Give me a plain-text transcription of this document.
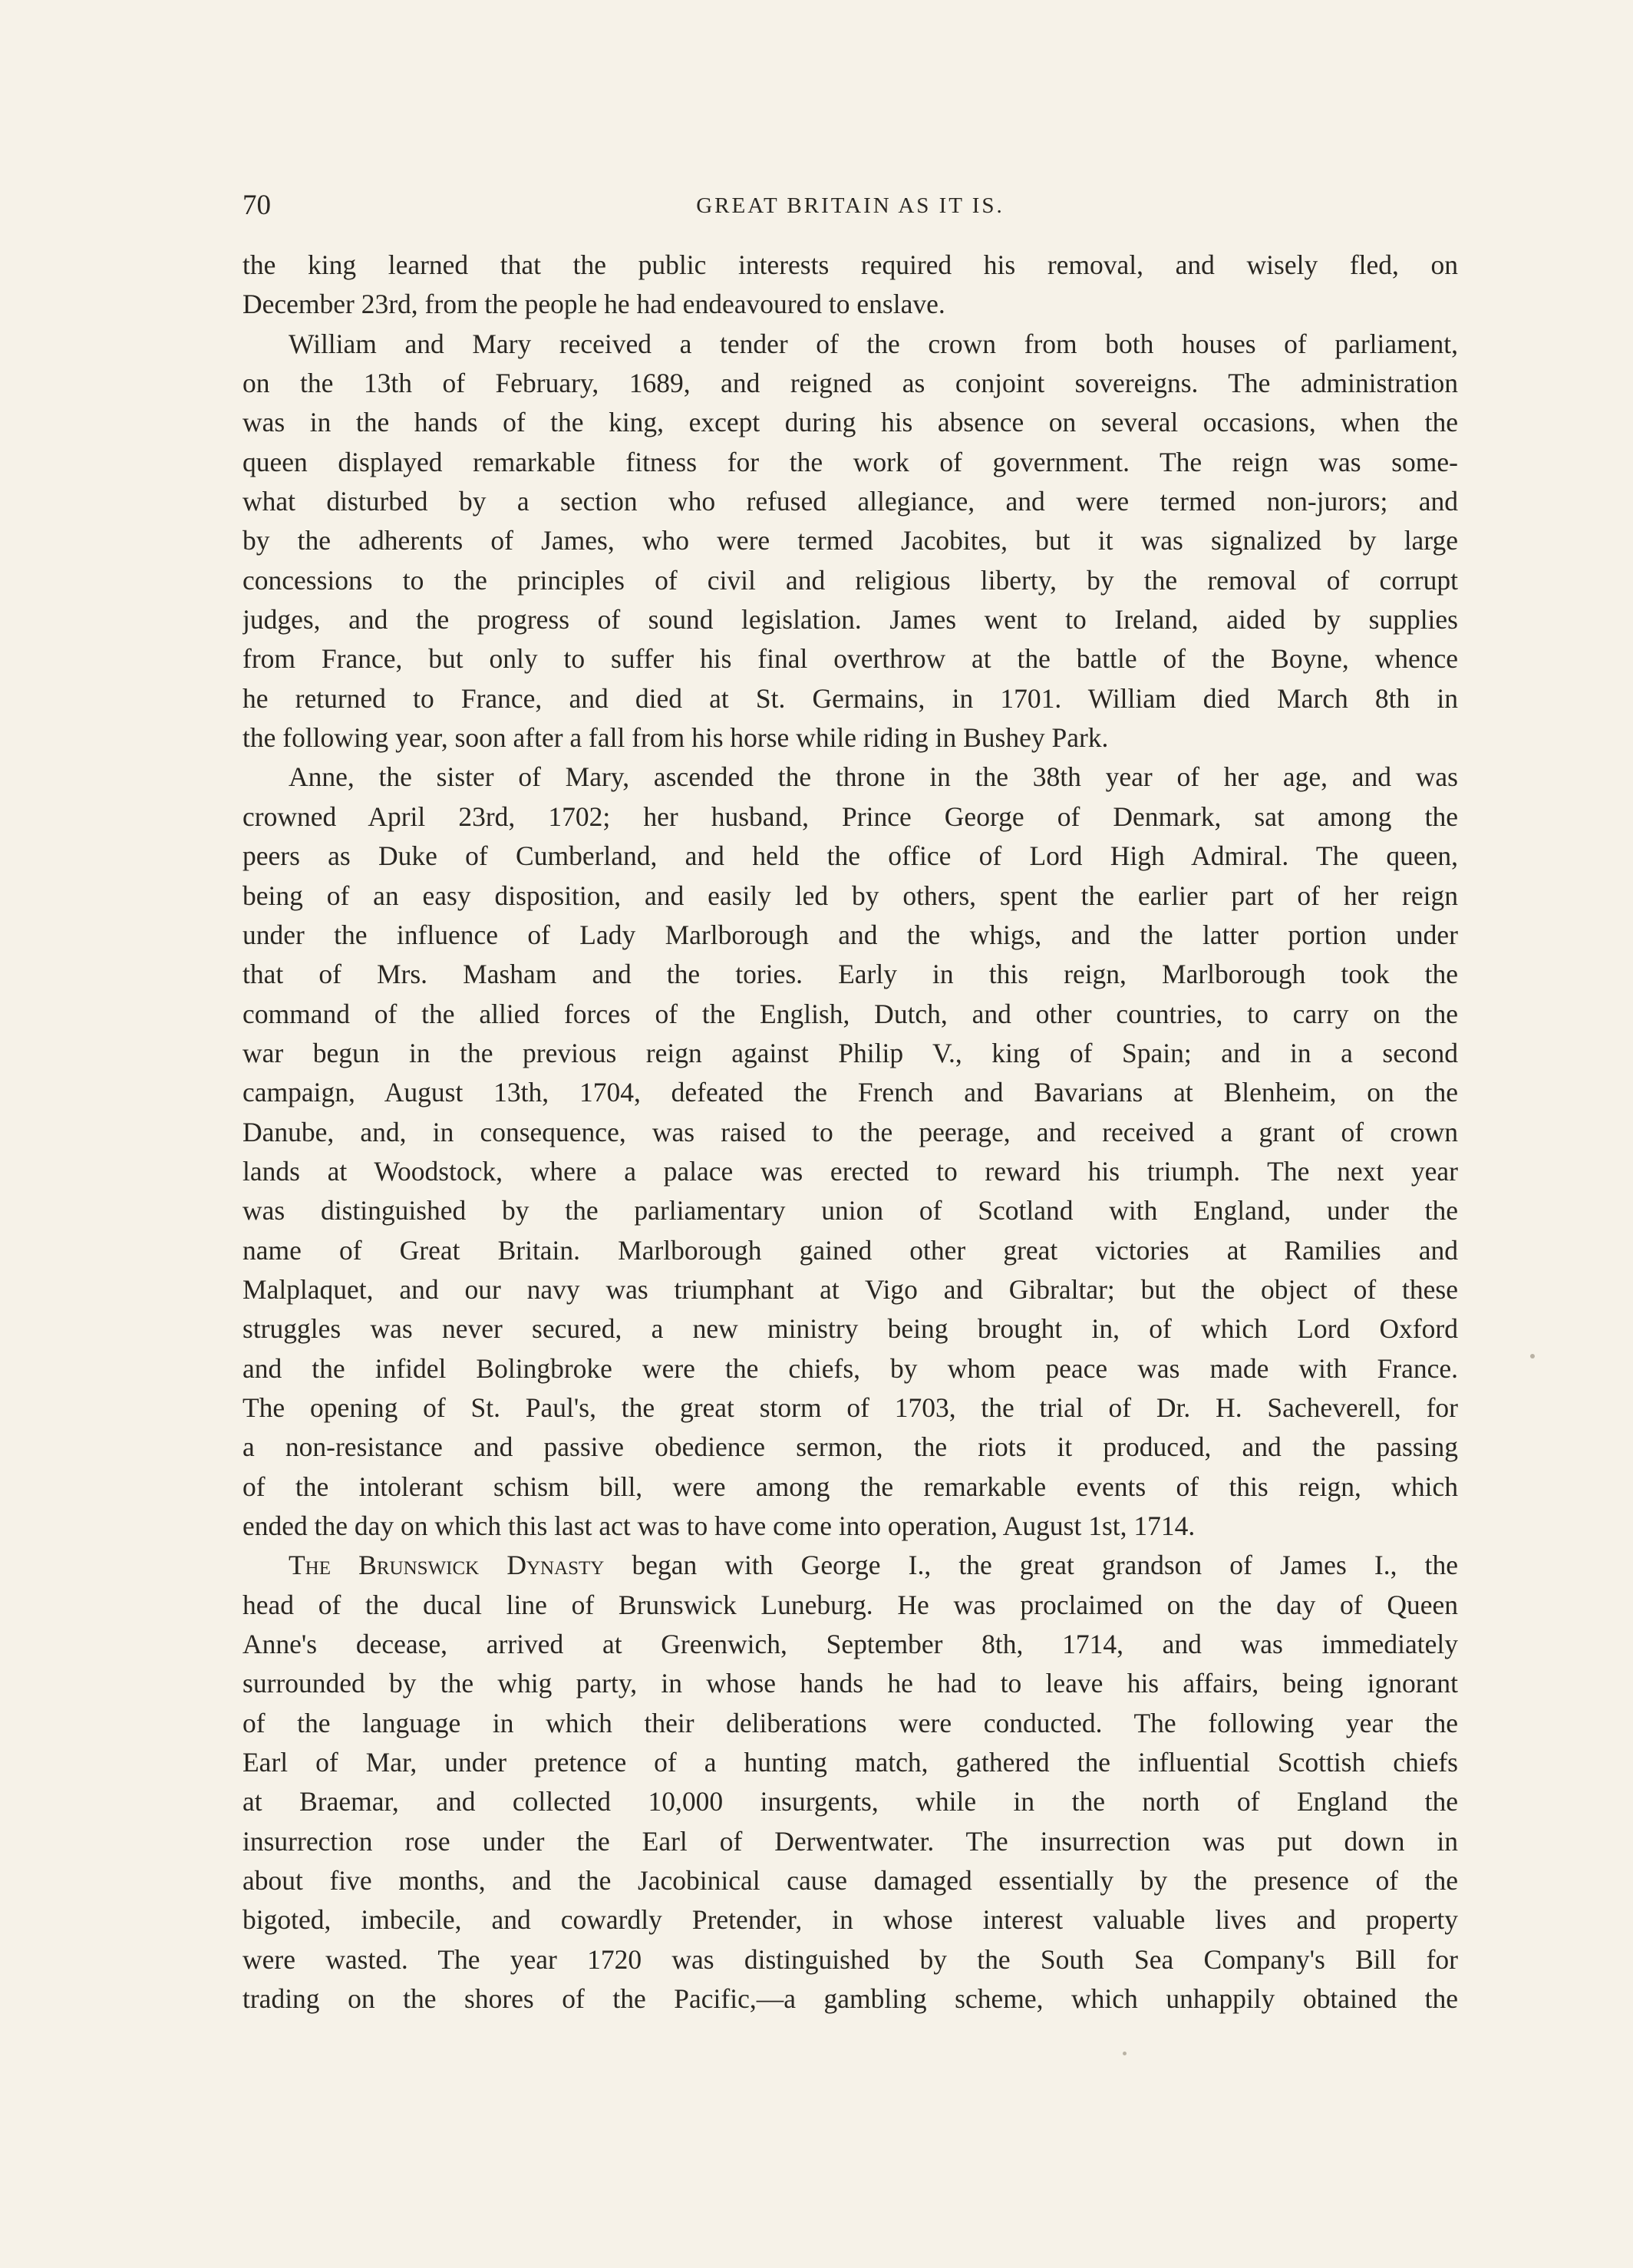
70	GREAT BRITAIN AS IT IS.
the king learned that the public interests required his removal, and wisely fled, on
December 23rd, from the people he had endeavoured to enslave.
William and Mary received a tender of the crown from both houses of parliament,
on the 13th of February, 1689, and reigned as conjoint sovereigns. The administration
was in the hands of the king, except during his absence on several occasions, when the
queen displayed remarkable fitness for the work of government. The reign was some-
what disturbed by a section who refused allegiance, and were termed non-jurors; and
by the adherents of James, who were termed Jacobites, but it was signalized by large
concessions to the principles of civil and religious liberty, by the removal of corrupt
judges, and the progress of sound legislation. James went to Ireland, aided by supplies
from France, but only to suffer his final overthrow at the battle of the Boyne, whence
he returned to France, and died at St. Germains, in 1701. William died March 8th in
the following year, soon after a fall from his horse while riding in Bushey Park.
Anne, the sister of Mary, ascended the throne in the 38th year of her age, and was
crowned April 23rd, 1702; her husband, Prince George of Denmark, sat among the
peers as Duke of Cumberland, and held the office of Lord High Admiral. The queen,
being of an easy disposition, and easily led by others, spent the earlier part of her reign
under the influence of Lady Marlborough and the whigs, and the latter portion under
that of Mrs. Masham and the tories. Early in this reign, Marlborough took the
command of the allied forces of the English, Dutch, and other countries, to carry on the
war begun in the previous reign against Philip V., king of Spain; and in a second
campaign, August 13th, 1704, defeated the French and Bavarians at Blenheim, on the
Danube, and, in consequence, was raised to the peerage, and received a grant of crown
lands at Woodstock, where a palace was erected to reward his triumph. The next year
was distinguished by the parliamentary union of Scotland with England, under the
name of Great Britain. Marlborough gained other great victories at Ramilies and
Malplaquet, and our navy was triumphant at Vigo and Gibraltar; but the object of these
struggles was never secured, a new ministry being brought in, of which Lord Oxford
and the infidel Bolingbroke were the chiefs, by whom peace was made with France.
The opening of St. Paul's, the great storm of 1703, the trial of Dr. H. Sacheverell, for
a non-resistance and passive obedience sermon, the riots it produced, and the passing
of the intolerant schism bill, were among the remarkable events of this reign, which
ended the day on which this last act was to have come into operation, August 1st, 1714.
The Brunswick Dynasty began with George I., the great grandson of James I., the
head of the ducal line of Brunswick Luneburg. He was proclaimed on the day of Queen
Anne's decease, arrived at Greenwich, September 8th, 1714, and was immediately
surrounded by the whig party, in whose hands he had to leave his affairs, being ignorant
of the language in which their deliberations were conducted. The following year the
Earl of Mar, under pretence of a hunting match, gathered the influential Scottish chiefs
at Braemar, and collected 10,000 insurgents, while in the north of England the
insurrection rose under the Earl of Derwentwater. The insurrection was put down in
about five months, and the Jacobinical cause damaged essentially by the presence of the
bigoted, imbecile, and cowardly Pretender, in whose interest valuable lives and property
were wasted. The year 1720 was distinguished by the South Sea Company's Bill for
trading on the shores of the Pacific,—a gambling scheme, which unhappily obtained the
